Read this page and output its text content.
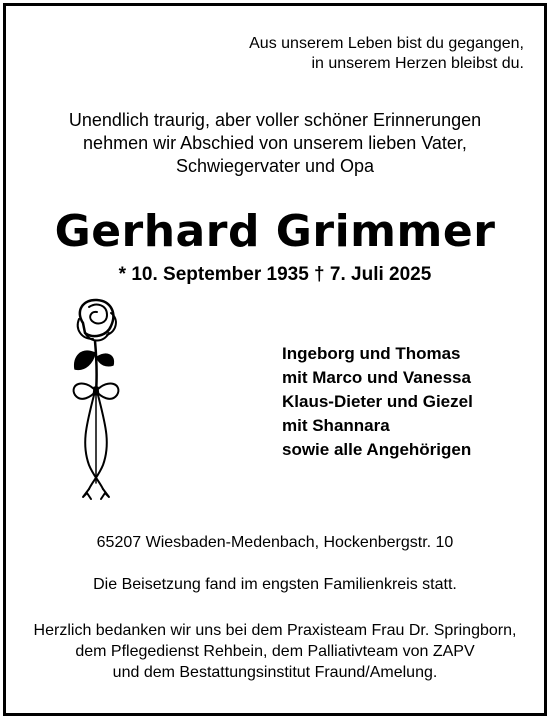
Aus unserem Leben bist du gegangen,
in unserem Herzen bleibst du.
Unendlich traurig, aber voller schöner Erinnerungen
nehmen wir Abschied von unserem lieben Vater,
Schwiegervater und Opa
Gerhard Grimmer
* 10. September 1935 † 7. Juli 2025
Ingeborg und Thomas
mit Marco und Vanessa
Klaus-Dieter und Giezel
mit Shannara
sowie alle Angehörigen
65207 Wiesbaden-Medenbach, Hockenbergstr. 10
Die Beisetzung fand im engsten Familienkreis statt.
Herzlich bedanken wir uns bei dem Praxisteam Frau Dr. Springborn,
dem Pflegedienst Rehbein, dem Palliativteam von ZAPV
und dem Bestattungsinstitut Fraund/Amelung.
